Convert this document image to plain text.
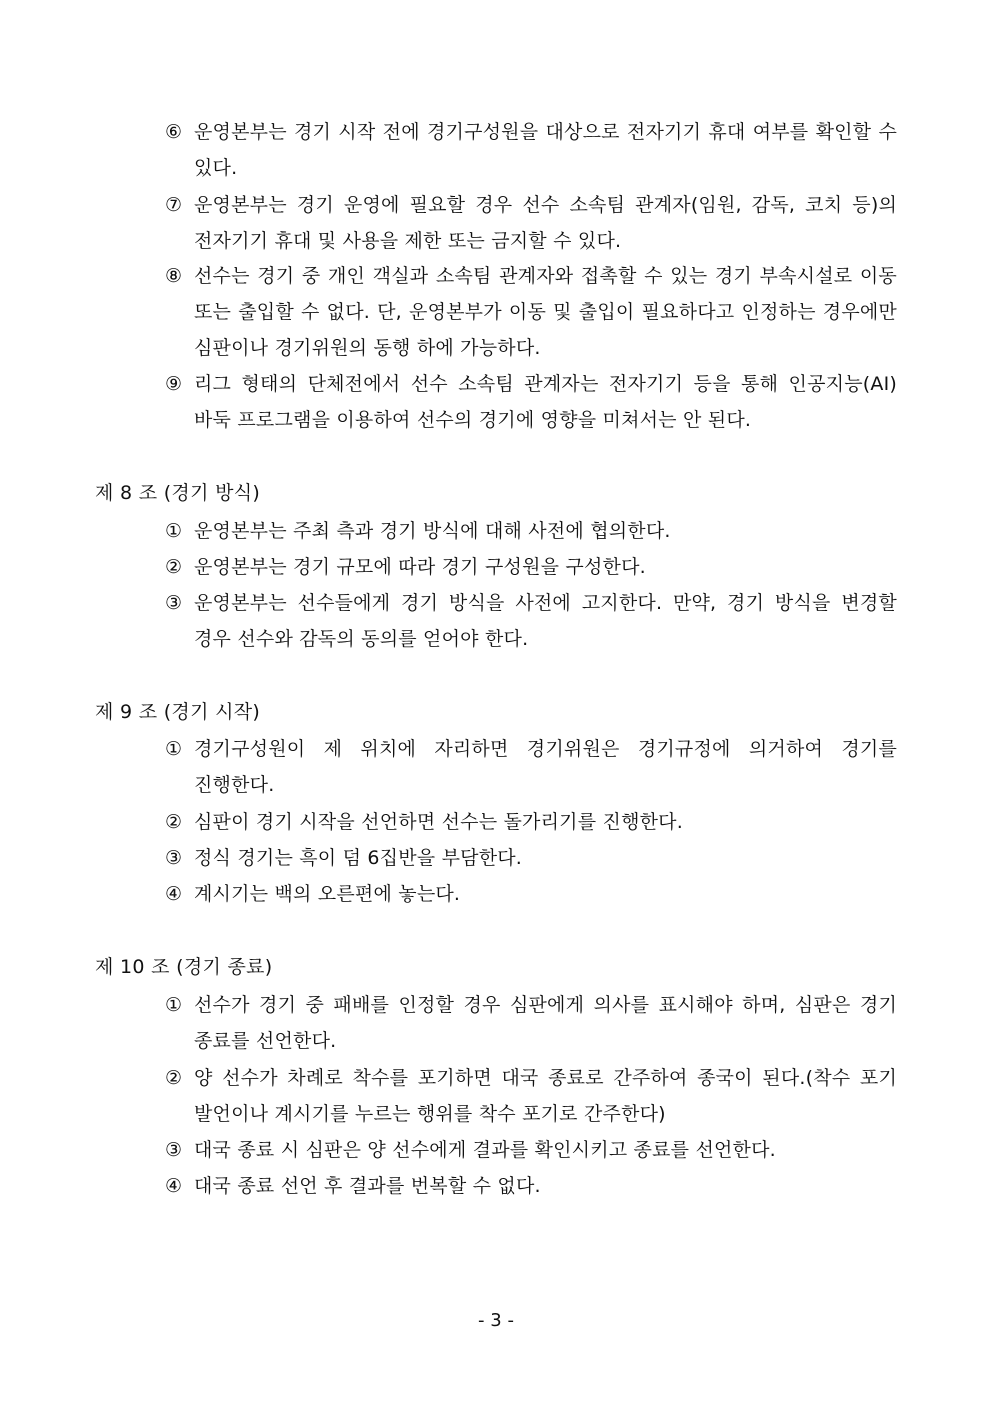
⑥ 운영본부는 경기 시작 전에 경기구성원을 대상으로 전자기기 휴대 여부를 확인할 수 있다.
⑦ 운영본부는 경기 운영에 필요할 경우 선수 소속팀 관계자(임원, 감독, 코치 등)의 전자기기 휴대 및 사용을 제한 또는 금지할 수 있다.
⑧ 선수는 경기 중 개인 객실과 소속팀 관계자와 접촉할 수 있는 경기 부속시설로 이동 또는 출입할 수 없다. 단, 운영본부가 이동 및 출입이 필요하다고 인정하는 경우에만 심판이나 경기위원의 동행 하에 가능하다.
⑨ 리그 형태의 단체전에서 선수 소속팀 관계자는 전자기기 등을 통해 인공지능(AI) 바둑 프로그램을 이용하여 선수의 경기에 영향을 미쳐서는 안 된다.
제 8 조 (경기 방식)
① 운영본부는 주최 측과 경기 방식에 대해 사전에 협의한다.
② 운영본부는 경기 규모에 따라 경기 구성원을 구성한다.
③ 운영본부는 선수들에게 경기 방식을 사전에 고지한다. 만약, 경기 방식을 변경할 경우 선수와 감독의 동의를 얻어야 한다.
제 9 조 (경기 시작)
① 경기구성원이 제 위치에 자리하면 경기위원은 경기규정에 의거하여 경기를 진행한다.
② 심판이 경기 시작을 선언하면 선수는 돌가리기를 진행한다.
③ 정식 경기는 흑이 덤 6집반을 부담한다.
④ 계시기는 백의 오른편에 놓는다.
제 10 조 (경기 종료)
① 선수가 경기 중 패배를 인정할 경우 심판에게 의사를 표시해야 하며, 심판은 경기 종료를 선언한다.
② 양 선수가 차례로 착수를 포기하면 대국 종료로 간주하여 종국이 된다.(착수 포기 발언이나 계시기를 누르는 행위를 착수 포기로 간주한다)
③ 대국 종료 시 심판은 양 선수에게 결과를 확인시키고 종료를 선언한다.
④ 대국 종료 선언 후 결과를 번복할 수 없다.
- 3 -
